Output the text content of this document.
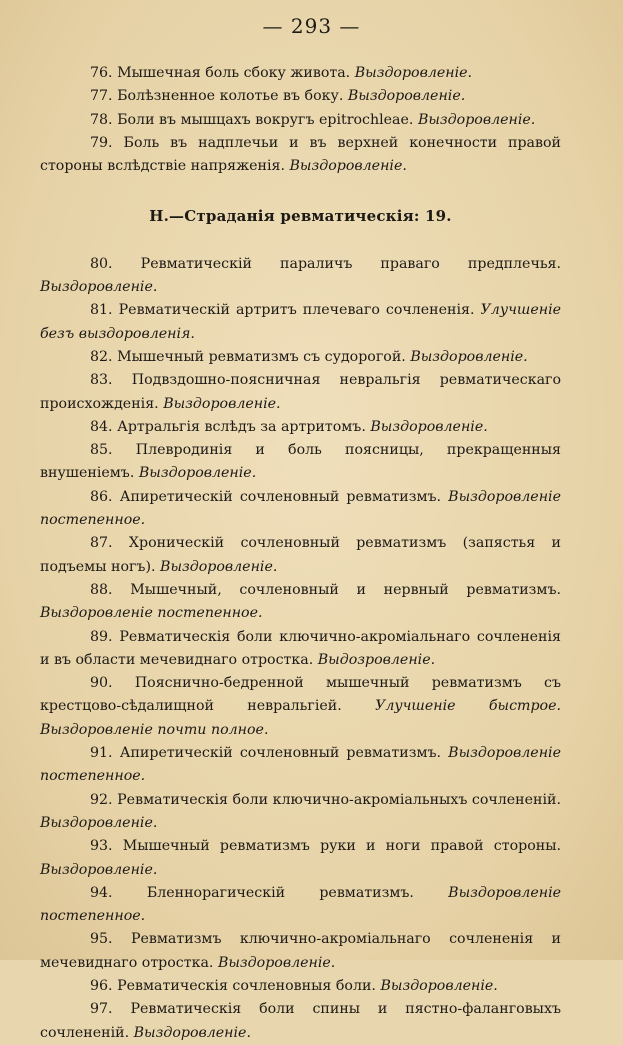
— 293 —

76. Мышечная боль сбоку живота. Выздоровленіе.

77. Болѣзненное колотье въ боку. Выздоровленіе.

78. Боли въ мышцахъ вокругъ epitrochleae. Выздоровленіе.

79. Боль въ надплечьи и въ верхней конечности правой стороны вслѣдствіе напряженія. Выздоровленіе.

Н.—Страданія ревматическія: 19.

80. Ревматическій параличъ праваго предплечья. Выздоровленіе.

81. Ревматическій артритъ плечеваго сочлененія. Улучшеніе безъ выздоровленія.

82. Мышечный ревматизмъ съ судорогой. Выздоровленіе.

83. Подвздошно-поясничная невральгія ревматическаго происхожденія. Выздоровленіе.

84. Артральгія вслѣдъ за артритомъ. Выздоровленіе.

85. Плевродинія и боль поясницы, прекращенныя внушеніемъ. Выздоровленіе.

86. Апиретическій сочленовный ревматизмъ. Выздоровленіе постепенное.

87. Хроническій сочленовный ревматизмъ (запястья и подъемы ногъ). Выздоровленіе.

88. Мышечный, сочленовный и нервный ревматизмъ. Выздоровленіе постепенное.

89. Ревматическія боли ключично-акроміальнаго сочлененія и въ области мечевиднаго отростка. Выдозровленіе.

90. Пояснично-бедренной мышечный ревматизмъ съ крестцово-сѣдалищной невральгіей. Улучшеніе быстрое. Выздоровленіе почти полное.

91. Апиретическій сочленовный ревматизмъ. Выздоровленіе постепенное.

92. Ревматическія боли ключично-акроміальныхъ сочлененій. Выздоровленіе.

93. Мышечный ревматизмъ руки и ноги правой стороны. Выздоровленіе.

94. Бленнорагическій ревматизмъ. Выздоровленіе постепенное.

95. Ревматизмъ ключично-акроміальнаго сочлененія и мечевиднаго отростка. Выздоровленіе.

96. Ревматическія сочленовныя боли. Выздоровленіе.

97. Ревматическія боли спины и пястно-фаланговыхъ сочлененій. Выздоровленіе.
